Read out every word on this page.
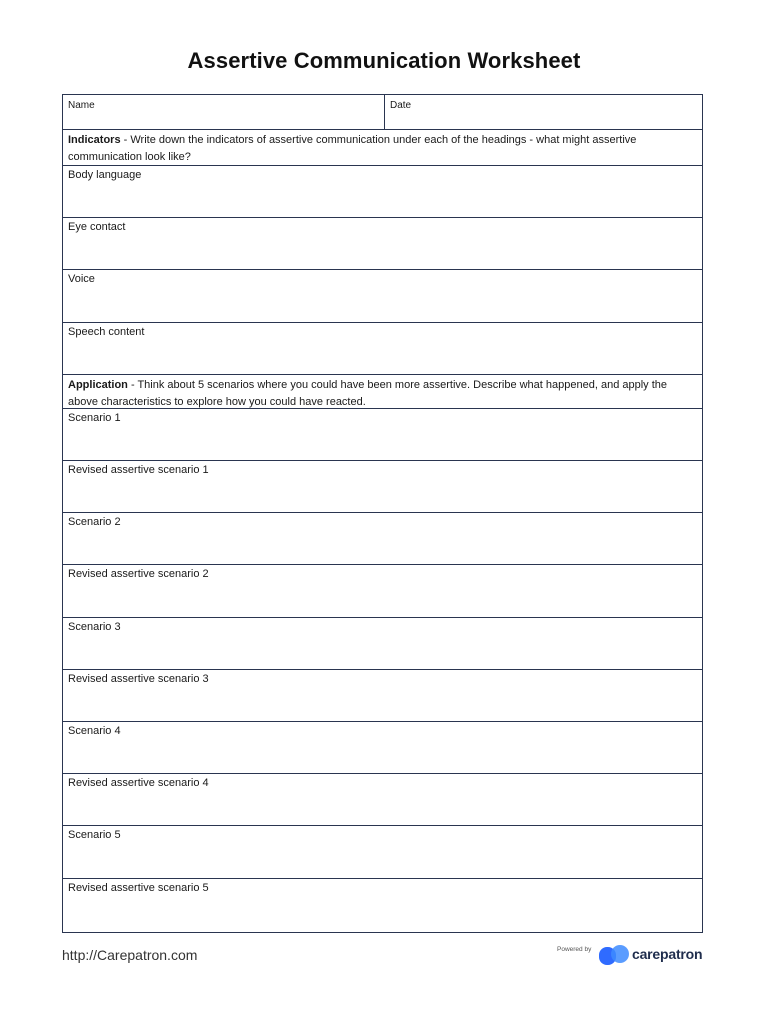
Assertive Communication Worksheet
Name	Date
Indicators - Write down the indicators of assertive communication under each of the headings - what might assertive communication look like?
Body language
Eye contact
Voice
Speech content
Application - Think about 5 scenarios where you could have been more assertive. Describe what happened, and apply the above characteristics to explore how you could have reacted.
Scenario 1
Revised assertive scenario 1
Scenario 2
Revised assertive scenario 2
Scenario 3
Revised assertive scenario 3
Scenario 4
Revised assertive scenario 4
Scenario 5
Revised assertive scenario 5
http://Carepatron.com	Powered by	carepatron
